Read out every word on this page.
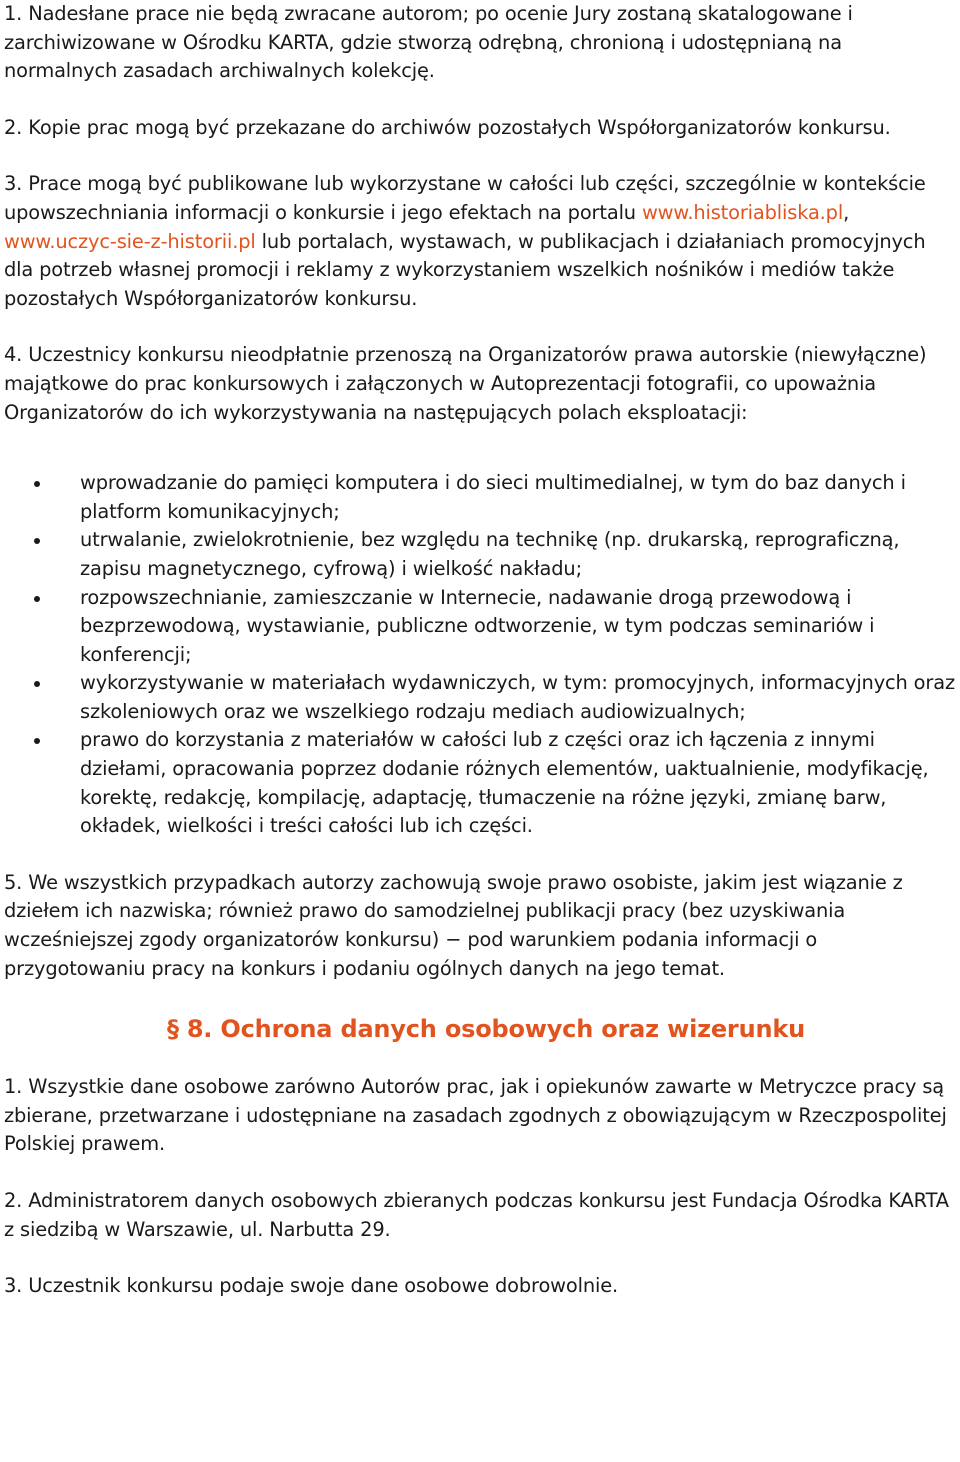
1. Nadesłane prace nie będą zwracane autorom; po ocenie Jury zostaną skatalogowane i zarchiwizowane w Ośrodku KARTA, gdzie stworzą odrębną, chronioną i udostępnianą na normalnych zasadach archiwalnych kolekcję.

2. Kopie prac mogą być przekazane do archiwów pozostałych Współorganizatorów konkursu.

3. Prace mogą być publikowane lub wykorzystane w całości lub części, szczególnie w kontekście upowszechniania informacji o konkursie i jego efektach na portalu www.historiabliska.pl, www.uczyc-sie-z-historii.pl lub portalach, wystawach, w publikacjach i działaniach promocyjnych dla potrzeb własnej promocji i reklamy z wykorzystaniem wszelkich nośników i mediów także pozostałych Współorganizatorów konkursu.

4. Uczestnicy konkursu nieodpłatnie przenoszą na Organizatorów prawa autorskie (niewyłączne) majątkowe do prac konkursowych i załączonych w Autoprezentacji fotografii, co upoważnia Organizatorów do ich wykorzystywania na następujących polach eksploatacji:

wprowadzanie do pamięci komputera i do sieci multimedialnej, w tym do baz danych i platform komunikacyjnych;
utrwalanie, zwielokrotnienie, bez względu na technikę (np. drukarską, reprograficzną, zapisu magnetycznego, cyfrową) i wielkość nakładu;
rozpowszechnianie, zamieszczanie w Internecie, nadawanie drogą przewodową i bezprzewodową, wystawianie, publiczne odtworzenie, w tym podczas seminariów i konferencji;
wykorzystywanie w materiałach wydawniczych, w tym: promocyjnych, informacyjnych oraz szkoleniowych oraz we wszelkiego rodzaju mediach audiowizualnych;
prawo do korzystania z materiałów w całości lub z części oraz ich łączenia z innymi dziełami, opracowania poprzez dodanie różnych elementów, uaktualnienie, modyfikację, korektę, redakcję, kompilację, adaptację, tłumaczenie na różne języki, zmianę barw, okładek, wielkości i treści całości lub ich części.

5. We wszystkich przypadkach autorzy zachowują swoje prawo osobiste, jakim jest wiązanie z dziełem ich nazwiska; również prawo do samodzielnej publikacji pracy (bez uzyskiwania wcześniejszej zgody organizatorów konkursu) − pod warunkiem podania informacji o przygotowaniu pracy na konkurs i podaniu ogólnych danych na jego temat.

§ 8. Ochrona danych osobowych oraz wizerunku

1. Wszystkie dane osobowe zarówno Autorów prac, jak i opiekunów zawarte w Metryczce pracy są zbierane, przetwarzane i udostępniane na zasadach zgodnych z obowiązującym w Rzeczpospolitej Polskiej prawem.

2. Administratorem danych osobowych zbieranych podczas konkursu jest Fundacja Ośrodka KARTA z siedzibą w Warszawie, ul. Narbutta 29.

3. Uczestnik konkursu podaje swoje dane osobowe dobrowolnie.
